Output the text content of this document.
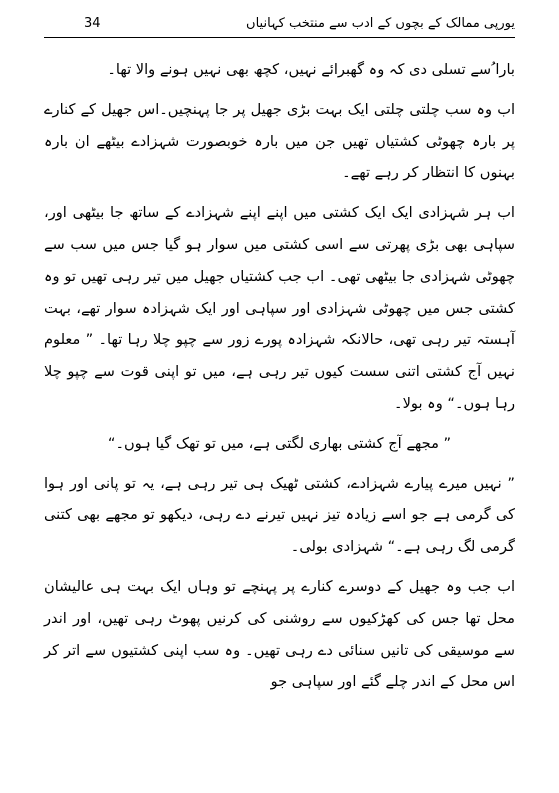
یورپی ممالک کے بچوں کے ادب سے منتخب کہانیاں
34

بارا ُسے تسلی دی کہ وہ گھبرائے نہیں، کچھ بھی نہیں ہونے والا تھا۔

اب وہ سب چلتی چلتی ایک بہت بڑی جھیل پر جا پہنچیں۔اس جھیل کے کنارے پر بارہ چھوٹی کشتیاں تھیں جن میں بارہ خوبصورت شہزادے بیٹھے ان بارہ بہنوں کا انتظار کر رہے تھے۔

اب ہر شہزادی ایک ایک کشتی میں اپنے اپنے شہزادے کے ساتھ جا بیٹھی اور، سپاہی بھی بڑی پھرتی سے اسی کشتی میں سوار ہو گیا جس میں سب سے چھوٹی شہزادی جا بیٹھی تھی۔ اب جب کشتیاں جھیل میں تیر رہی تھیں تو وہ کشتی جس میں چھوٹی شہزادی اور سپاہی اور ایک شہزادہ سوار تھے، بہت آہستہ تیر رہی تھی، حالانکہ شہزادہ پورے زور سے چپو چلا رہا تھا۔ ” معلوم نہیں آج کشتی اتنی سست کیوں تیر رہی ہے، میں تو اپنی قوت سے چپو چلا رہا ہوں۔“ وہ بولا۔

” مجھے آج کشتی بھاری لگتی ہے، میں تو تھک گیا ہوں۔“

” نہیں میرے پیارے شہزادے، کشتی ٹھیک ہی تیر رہی ہے، یہ تو پانی اور ہوا کی گرمی ہے جو اسے زیادہ تیز نہیں تیرنے دے رہی، دیکھو تو مجھے بھی کتنی گرمی لگ رہی ہے۔“ شہزادی بولی۔

اب جب وہ جھیل کے دوسرے کنارے پر پہنچے تو وہاں ایک بہت ہی عالیشان محل تھا جس کی کھڑکیوں سے روشنی کی کرنیں پھوٹ رہی تھیں، اور اندر سے موسیقی کی تانیں سنائی دے رہی تھیں۔ وہ سب اپنی کشتیوں سے اتر کر اس محل کے اندر چلے گئے اور سپاہی جو
